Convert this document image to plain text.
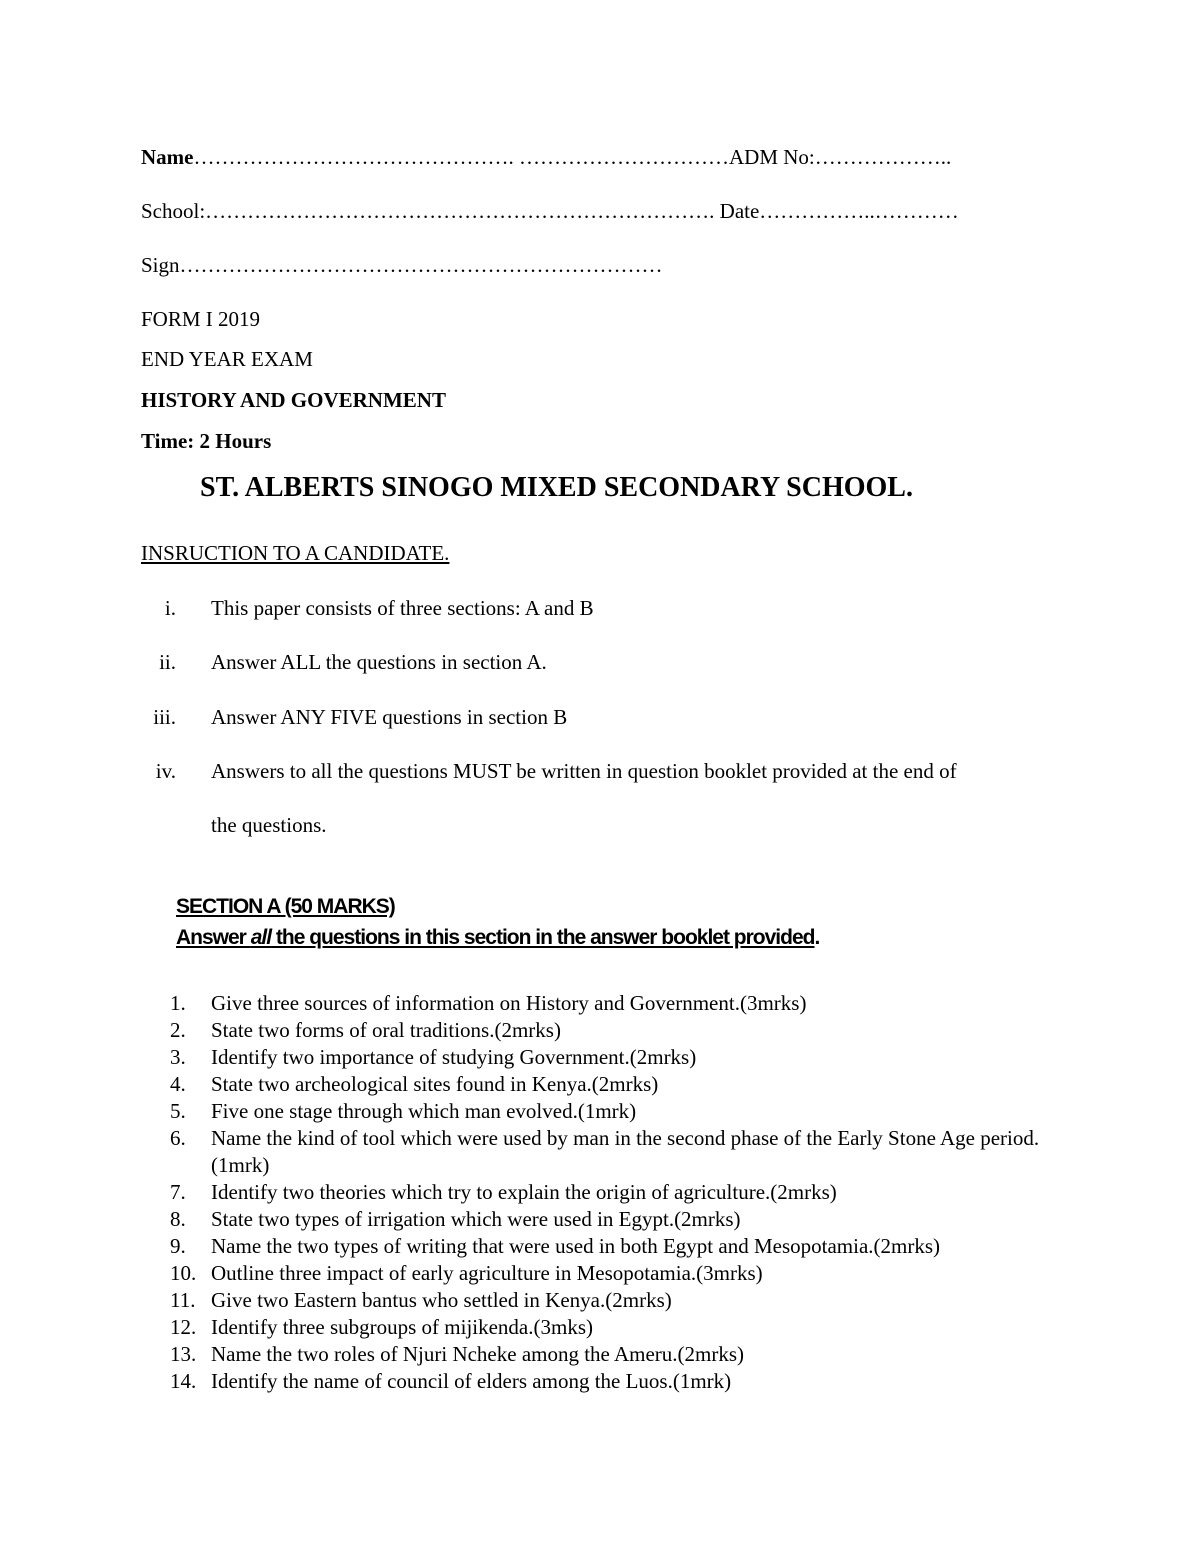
Name………………………………………. …………………………ADM No:………………..
School:………………………………………………………………. Date……………..…………
Sign……………………………………………………………
FORM I 2019
END YEAR EXAM
HISTORY AND GOVERNMENT
Time: 2 Hours
ST. ALBERTS SINOGO MIXED SECONDARY SCHOOL.
INSRUCTION TO A CANDIDATE.
i. This paper consists of three sections: A and B
ii. Answer ALL the questions in section A.
iii. Answer ANY FIVE questions in section B
iv. Answers to all the questions MUST be written in question booklet provided at the end of
the questions.
SECTION A (50 MARKS)
Answer all the questions in this section in the answer booklet provided.
1.	Give three sources of information on History and Government.(3mrks)
2.	State two forms of oral traditions.(2mrks)
3.	Identify two importance of studying Government.(2mrks)
4.	State two archeological sites found in Kenya.(2mrks)
5.	Five one stage through which man evolved.(1mrk)
6.	Name the kind of tool which were used by man in the second phase of the Early Stone Age period.(1mrk)
7.	Identify two theories which try to explain the origin of agriculture.(2mrks)
8.	State two types of irrigation which were used in Egypt.(2mrks)
9.	Name the two types of writing that were used in both Egypt and Mesopotamia.(2mrks)
10. Outline three impact of early agriculture in Mesopotamia.(3mrks)
11. Give two Eastern bantus who settled in Kenya.(2mrks)
12. Identify three subgroups of mijikenda.(3mks)
13. Name the two roles of Njuri Ncheke among the Ameru.(2mrks)
14. Identify the name of council of elders among the Luos.(1mrk)
